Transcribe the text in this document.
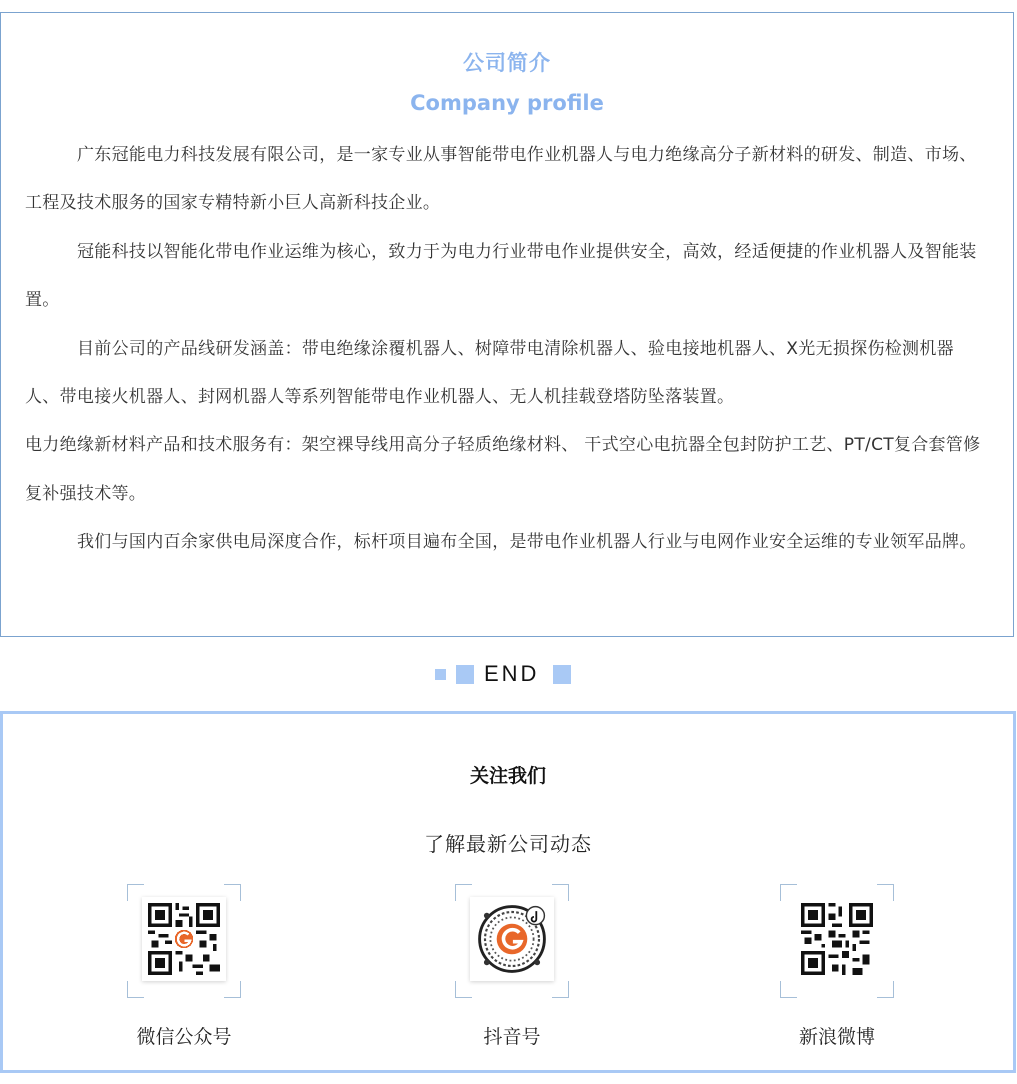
公司简介
Company profile

广东冠能电力科技发展有限公司，是一家专业从事智能带电作业机器人与电力绝缘高分子新材料的研发、制造、市场、工程及技术服务的国家专精特新小巨人高新科技企业。

冠能科技以智能化带电作业运维为核心，致力于为电力行业带电作业提供安全，高效，经适便捷的作业机器人及智能装置。

目前公司的产品线研发涵盖：带电绝缘涂覆机器人、树障带电清除机器人、验电接地机器人、X光无损探伤检测机器人、带电接火机器人、封网机器人等系列智能带电作业机器人、无人机挂载登塔防坠落装置。

电力绝缘新材料产品和技术服务有：架空裸导线用高分子轻质绝缘材料、 干式空心电抗器全包封防护工艺、PT/CT复合套管修复补强技术等。

我们与国内百余家供电局深度合作，标杆项目遍布全国，是带电作业机器人行业与电网作业安全运维的专业领军品牌。

END
关注我们
了解最新公司动态
微信公众号	抖音号	新浪微博
